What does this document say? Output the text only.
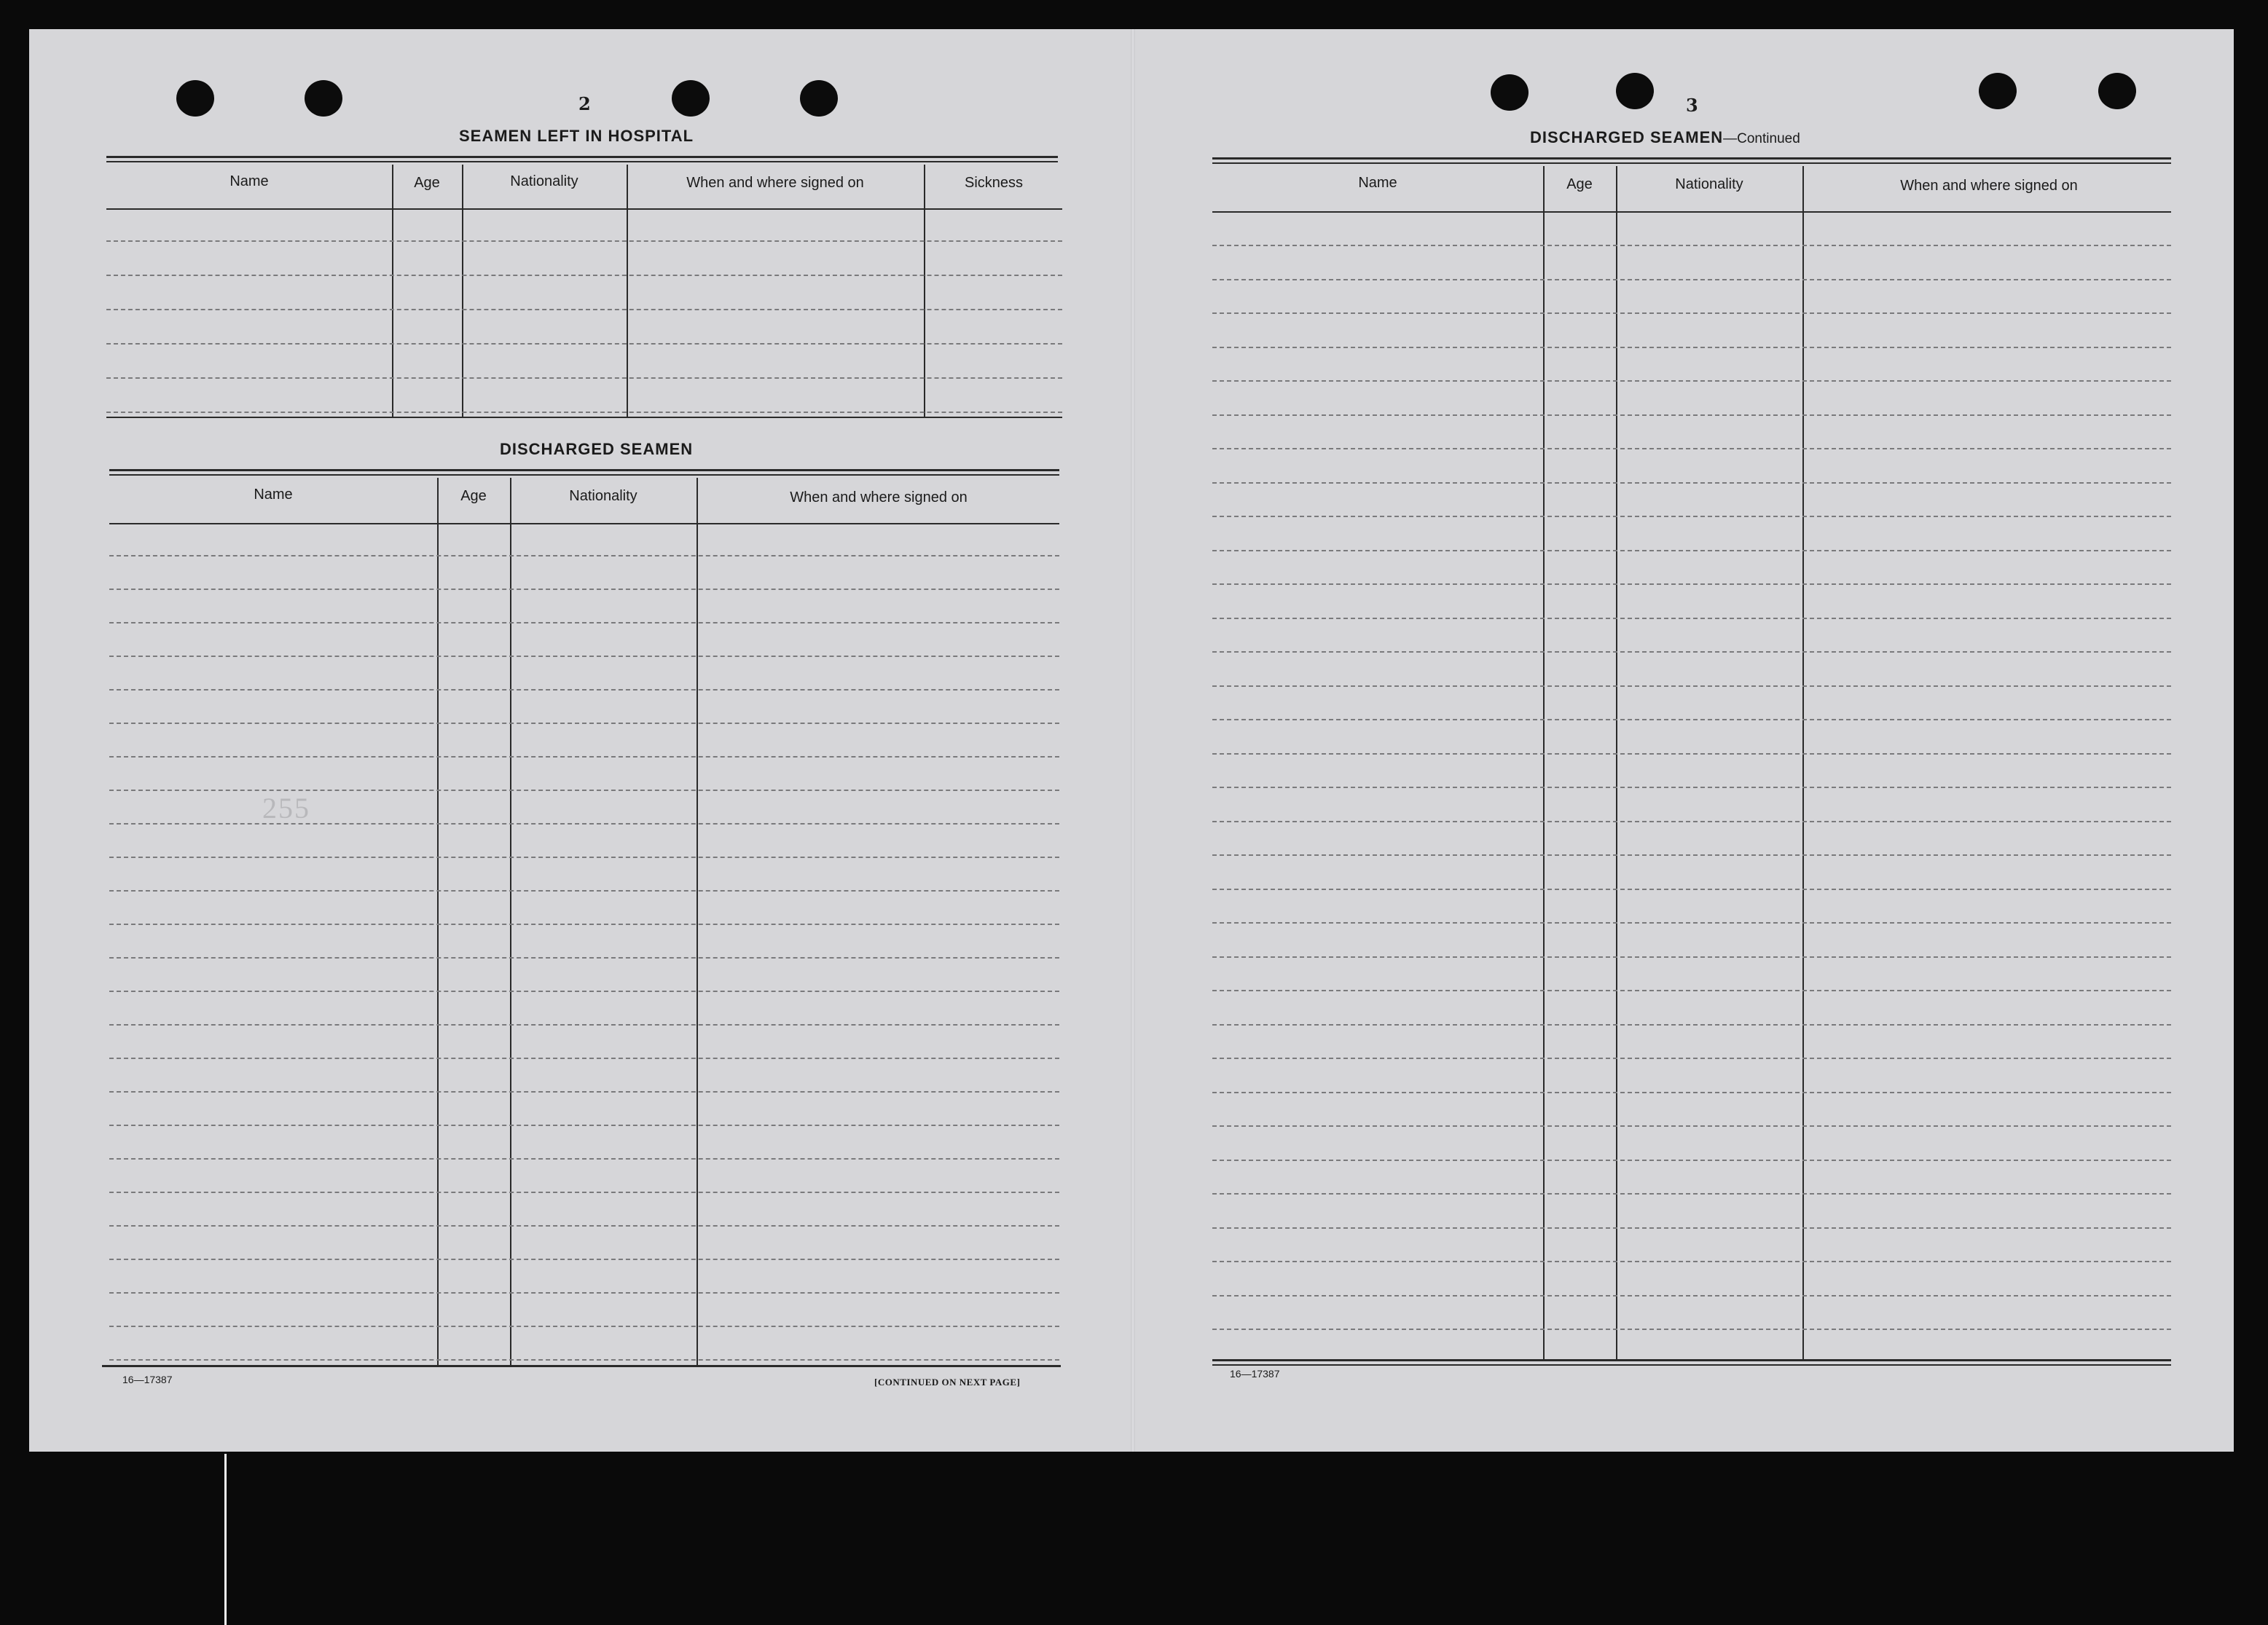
255
2
SEAMEN LEFT IN HOSPITAL
Name	Age	Nationality	When and where signed on	Sickness
DISCHARGED SEAMEN
Name	Age	Nationality	When and where signed on
16—17387	[CONTINUED ON NEXT PAGE]
3
DISCHARGED SEAMEN—Continued
Name	Age	Nationality	When and where signed on
16—17387
